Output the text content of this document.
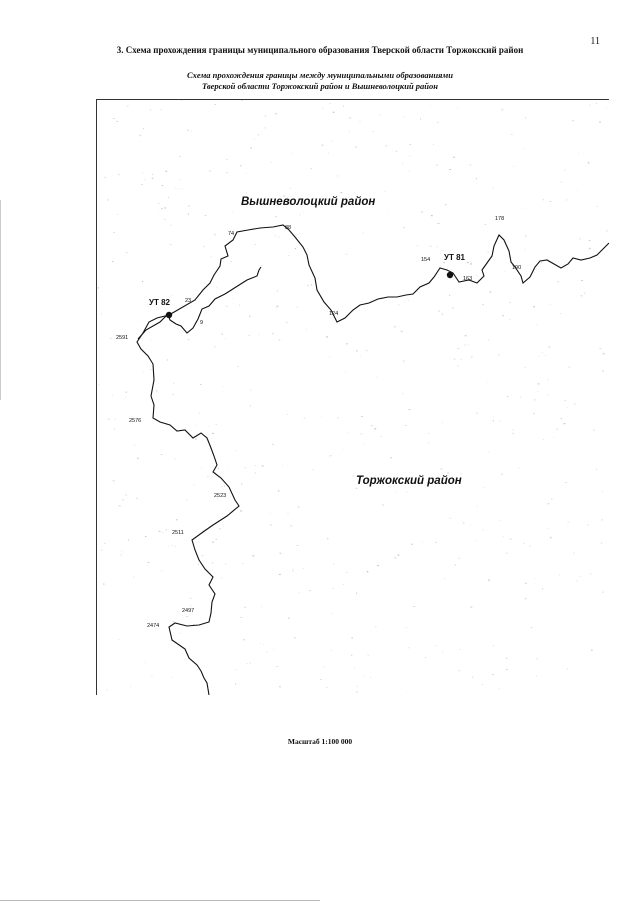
11
3. Схема прохождения границы муниципального образования Тверской области Торжокский район
Схема прохождения границы между муниципальными образованиями
Тверской области Торжокский район и Вышневолоцкий район
Вышневолоцкий район
Торжокский район
УТ 81
УТ 82
74
88
178
154
163
190
124
23
9
2591
2576
2523
2511
2497
2474
Масштаб 1:100 000
